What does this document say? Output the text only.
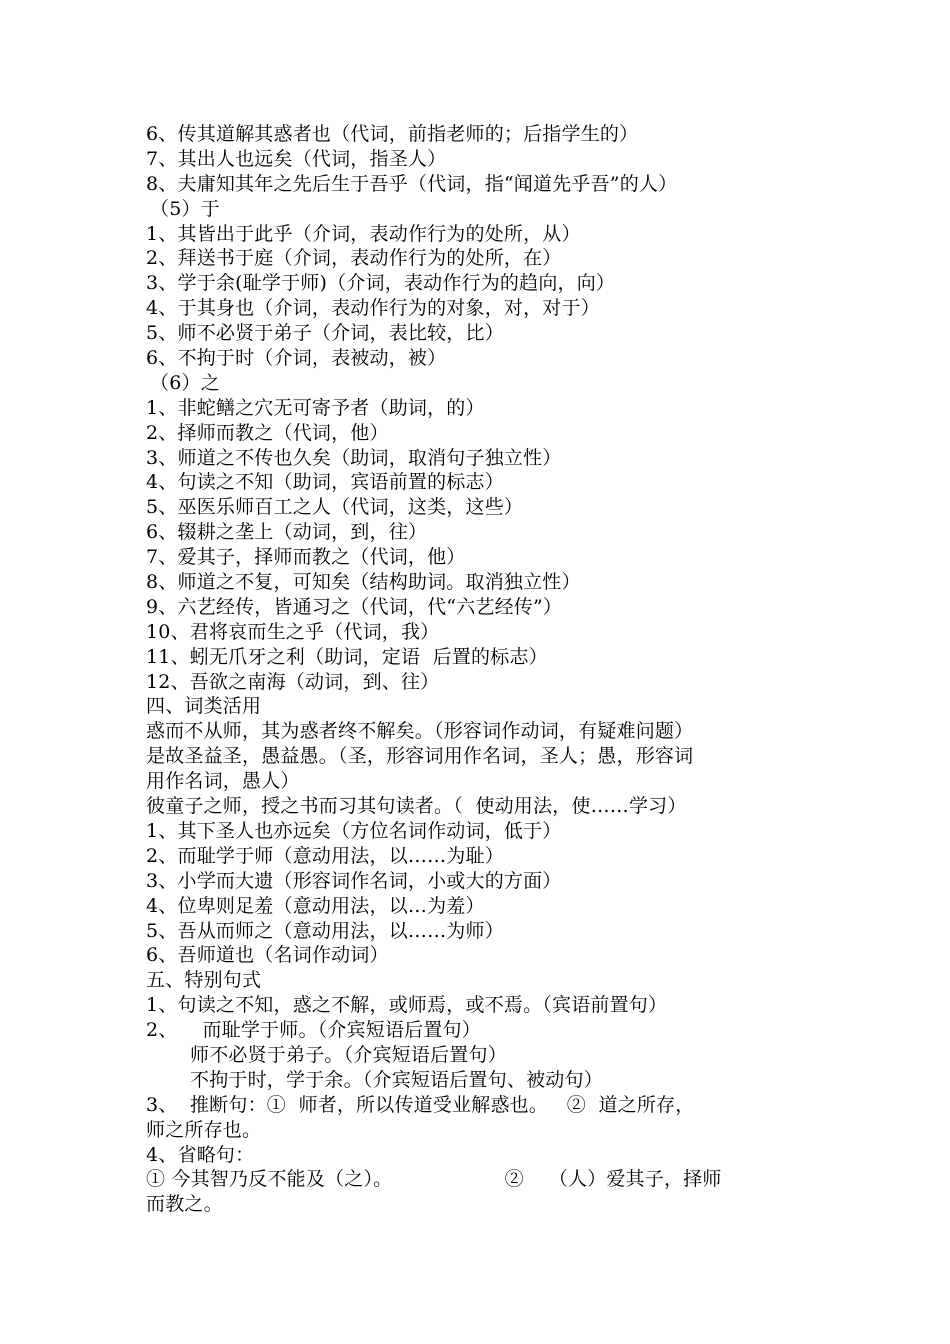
6、传其道解其惑者也（代词，前指老师的；后指学生的）
7、其出人也远矣（代词，指圣人）
8、夫庸知其年之先后生于吾乎（代词，指“闻道先乎吾”的人）
（5）于
1、其皆出于此乎（介词，表动作行为的处所，从）
2、拜送书于庭（介词，表动作行为的处所，在）
3、学于余(耻学于师)（介词，表动作行为的趋向，向）
4、于其身也（介词，表动作行为的对象，对，对于）
5、师不必贤于弟子（介词，表比较，比）
6、不拘于时（介词，表被动，被）
（6）之
1、非蛇鳝之穴无可寄予者（助词，的）
2、择师而教之（代词，他）
3、师道之不传也久矣（助词，取消句子独立性）
4、句读之不知（助词，宾语前置的标志）
5、巫医乐师百工之人（代词，这类，这些）
6、辍耕之垄上（动词，到，往）
7、爱其子，择师而教之（代词，他）
8、师道之不复，可知矣（结构助词。取消独立性）
9、六艺经传，皆通习之（代词，代“六艺经传”）
10、君将哀而生之乎（代词，我）
11、蚓无爪牙之利（助词，定语  后置的标志）
12、吾欲之南海（动词，到、往）
四、词类活用
惑而不从师，其为惑者终不解矣。（形容词作动词，有疑难问题）
是故圣益圣，愚益愚。（圣，形容词用作名词，圣人；愚，形容词
用作名词，愚人）
彼童子之师，授之书而习其句读者。（  使动用法，使……学习）
1、其下圣人也亦远矣（方位名词作动词，低于）
2、而耻学于师（意动用法，以……为耻）
3、小学而大遗（形容词作名词，小或大的方面）
4、位卑则足羞（意动用法，以…为羞）
5、吾从而师之（意动用法，以……为师）
6、吾师道也（名词作动词）
五、特别句式
1、句读之不知，惑之不解，或师焉，或不焉。（宾语前置句）
2、    而耻学于师。（介宾短语后置句）
师不必贤于弟子。（介宾短语后置句）
不拘于时，学于余。（介宾短语后置句、被动句）
3、  推断句：①  师者，所以传道受业解惑也。   ②  道之所存，
师之所存也。
4、省略句：
① 今其智乃反不能及（之）。                  ②    （人）爱其子，择师
而教之。
